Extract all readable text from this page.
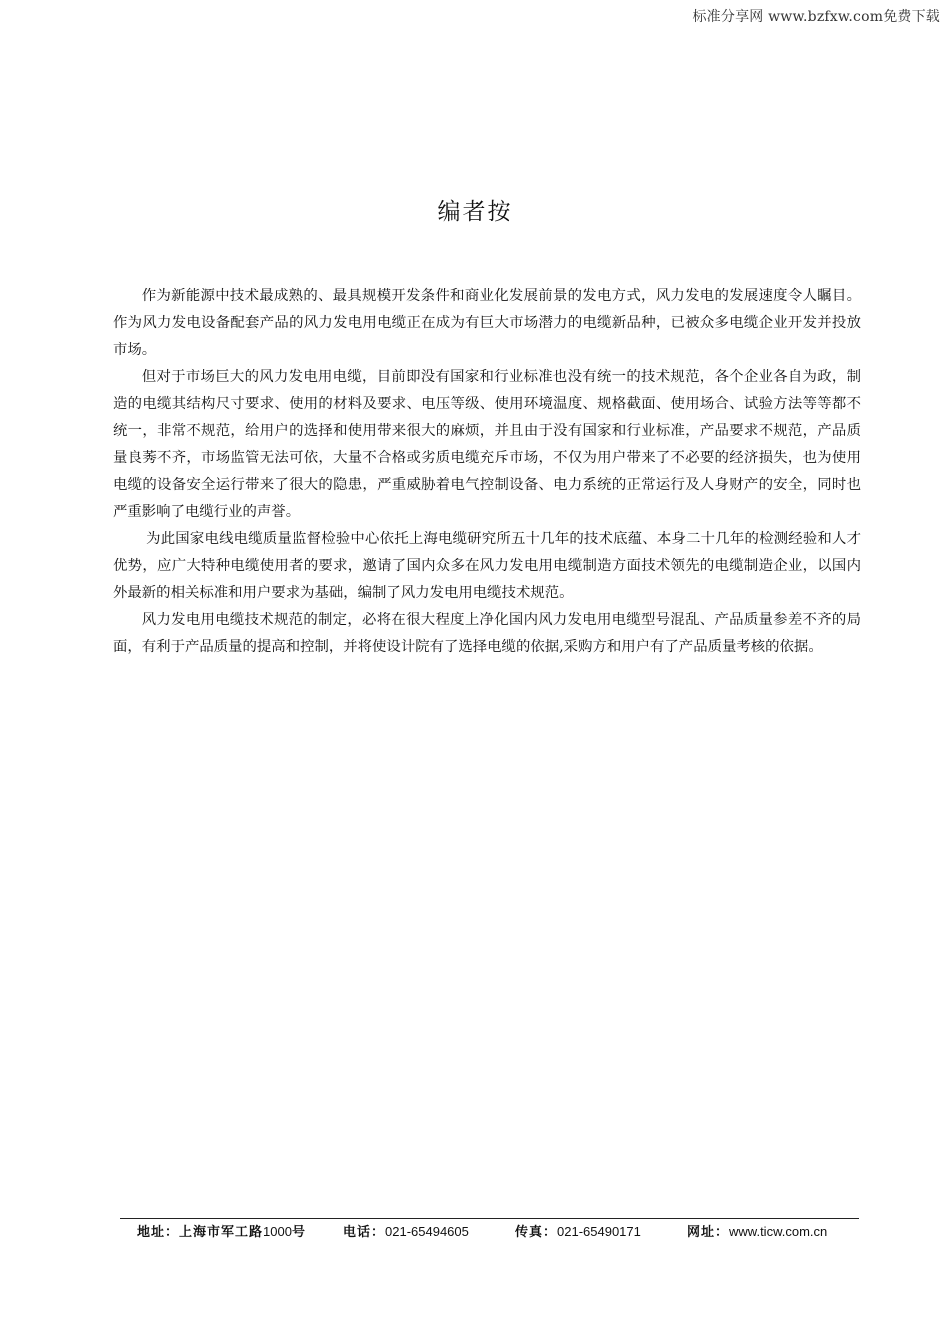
标准分享网 www.bzfxw.com免费下载
编者按

作为新能源中技术最成熟的、最具规模开发条件和商业化发展前景的发电方式，风力发电的发展速度令人瞩目。作为风力发电设备配套产品的风力发电用电缆正在成为有巨大市场潜力的电缆新品种，已被众多电缆企业开发并投放市场。

但对于市场巨大的风力发电用电缆，目前即没有国家和行业标准也没有统一的技术规范，各个企业各自为政，制造的电缆其结构尺寸要求、使用的材料及要求、电压等级、使用环境温度、规格截面、使用场合、试验方法等等都不统一，非常不规范，给用户的选择和使用带来很大的麻烦，并且由于没有国家和行业标准，产品要求不规范，产品质量良莠不齐，市场监管无法可依，大量不合格或劣质电缆充斥市场，不仅为用户带来了不必要的经济损失，也为使用电缆的设备安全运行带来了很大的隐患，严重威胁着电气控制设备、电力系统的正常运行及人身财产的安全，同时也严重影响了电缆行业的声誉。

为此国家电线电缆质量监督检验中心依托上海电缆研究所五十几年的技术底蕴、本身二十几年的检测经验和人才优势，应广大特种电缆使用者的要求，邀请了国内众多在风力发电用电缆制造方面技术领先的电缆制造企业，以国内外最新的相关标准和用户要求为基础，编制了风力发电用电缆技术规范。

风力发电用电缆技术规范的制定，必将在很大程度上净化国内风力发电用电缆型号混乱、产品质量参差不齐的局面，有利于产品质量的提高和控制，并将使设计院有了选择电缆的依据,采购方和用户有了产品质量考核的依据。

地址：上海市军工路1000号	电话：021-65494605	传真：021-65490171	网址：www.ticw.com.cn
